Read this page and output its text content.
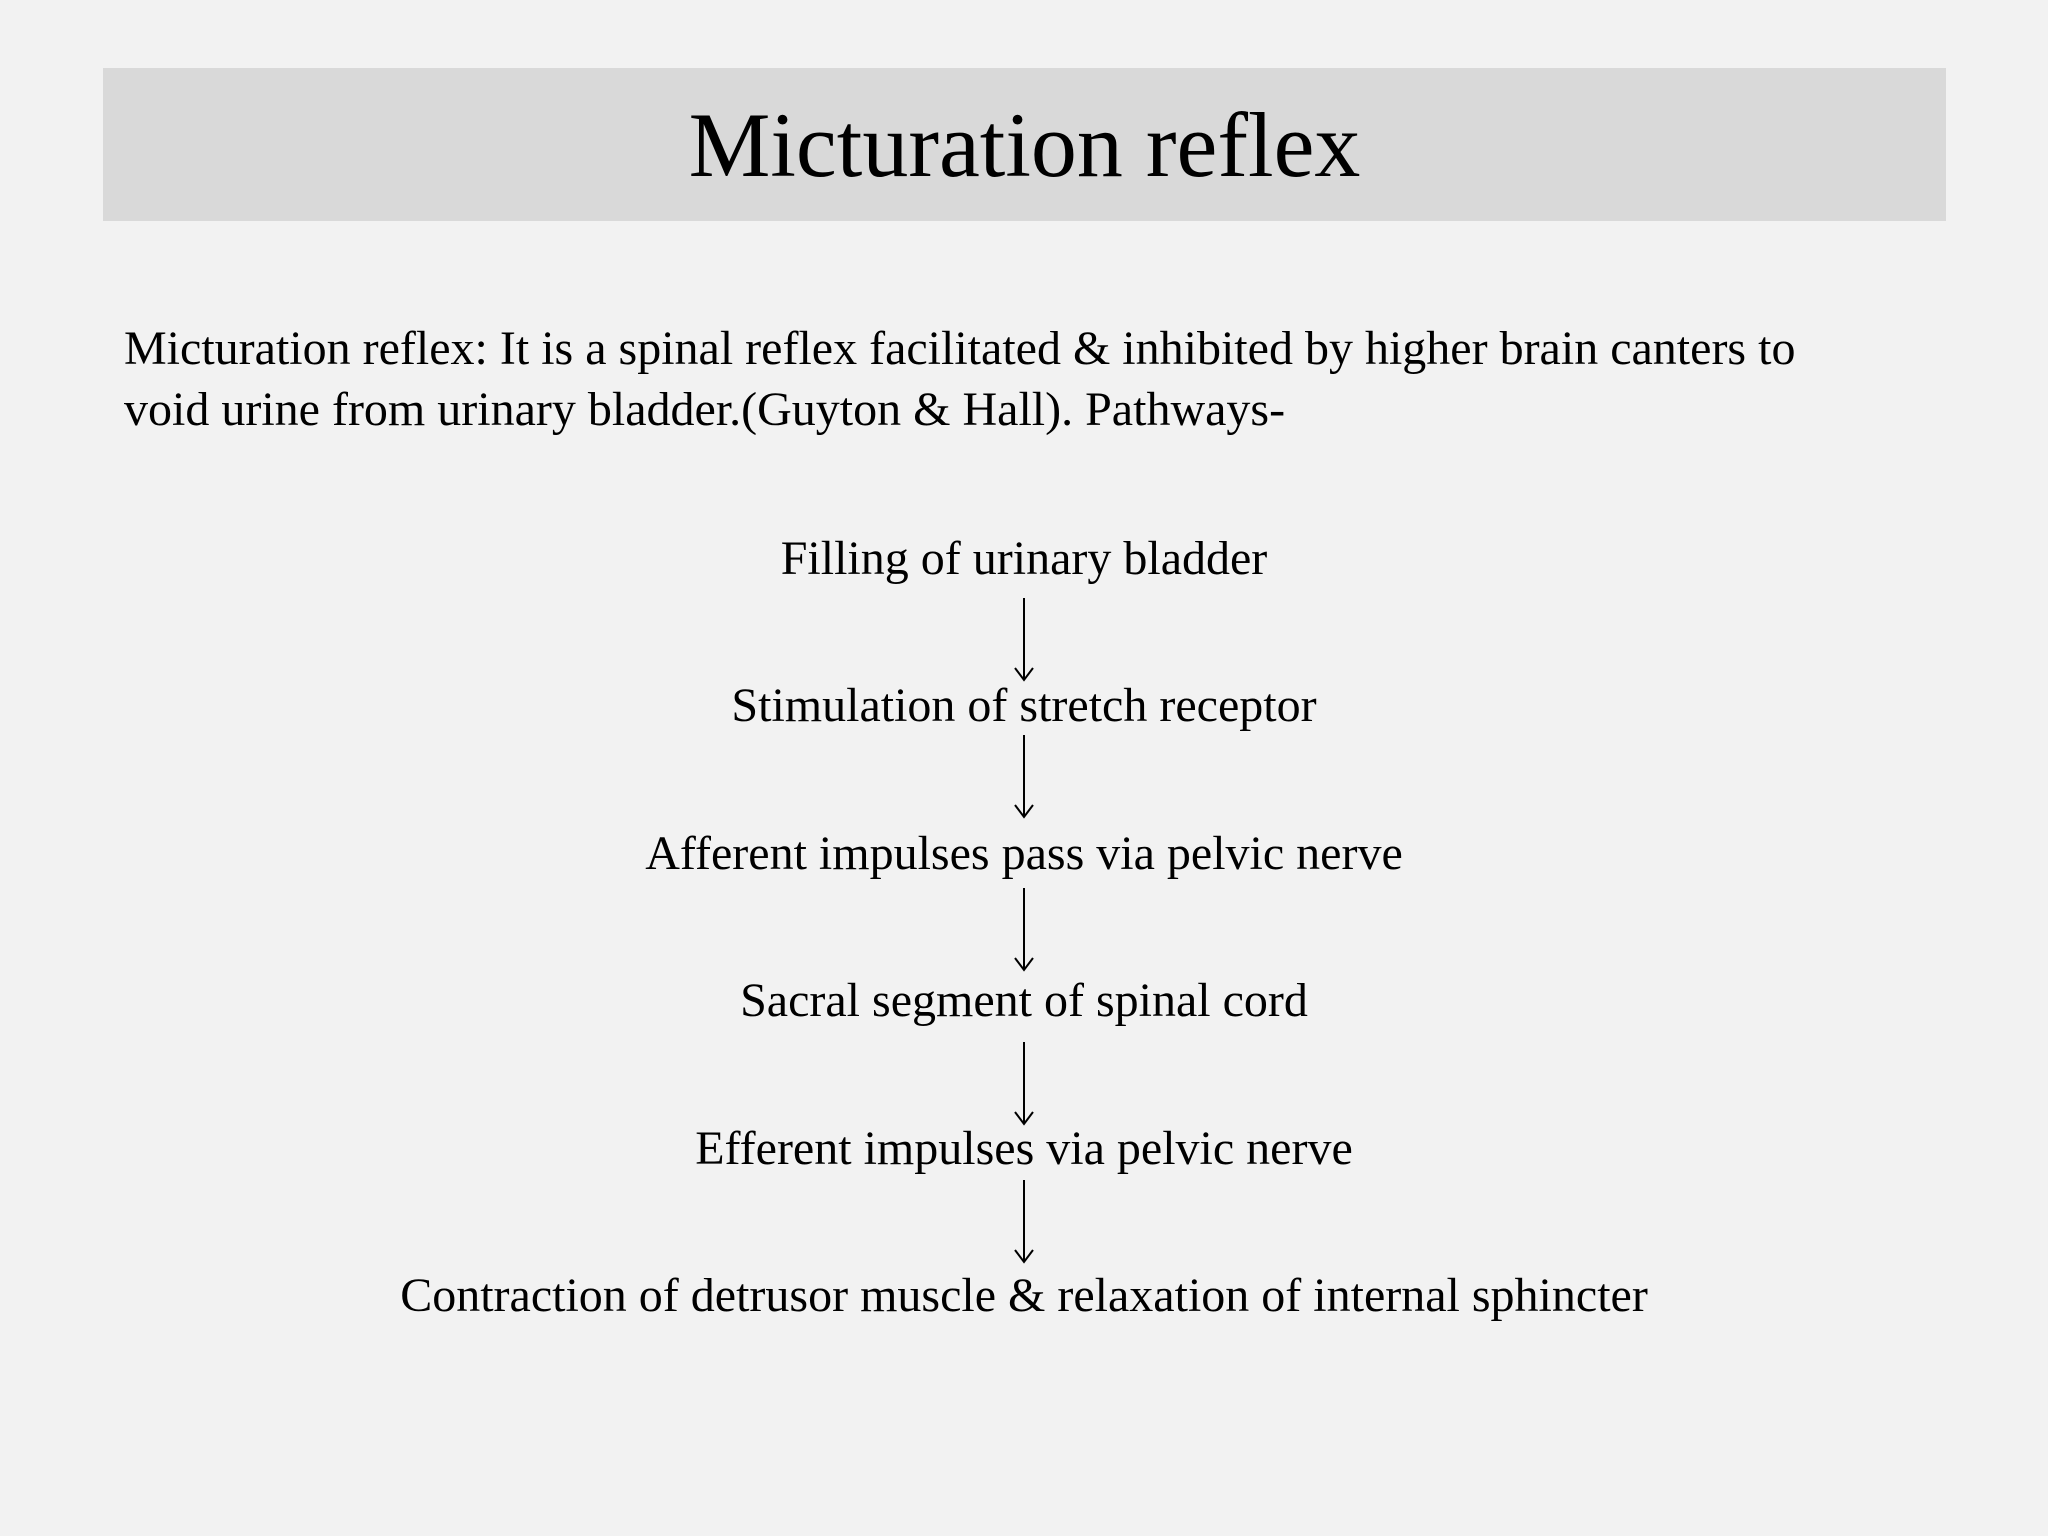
Micturation reflex

Micturation reflex: It is a spinal reflex facilitated & inhibited by higher brain canters to
void urine from urinary bladder.(Guyton & Hall). Pathways-

Filling of urinary bladder
Stimulation of stretch receptor
Afferent impulses pass via pelvic nerve
Sacral segment of spinal cord
Efferent impulses via pelvic nerve
Contraction of detrusor muscle & relaxation of internal sphincter
